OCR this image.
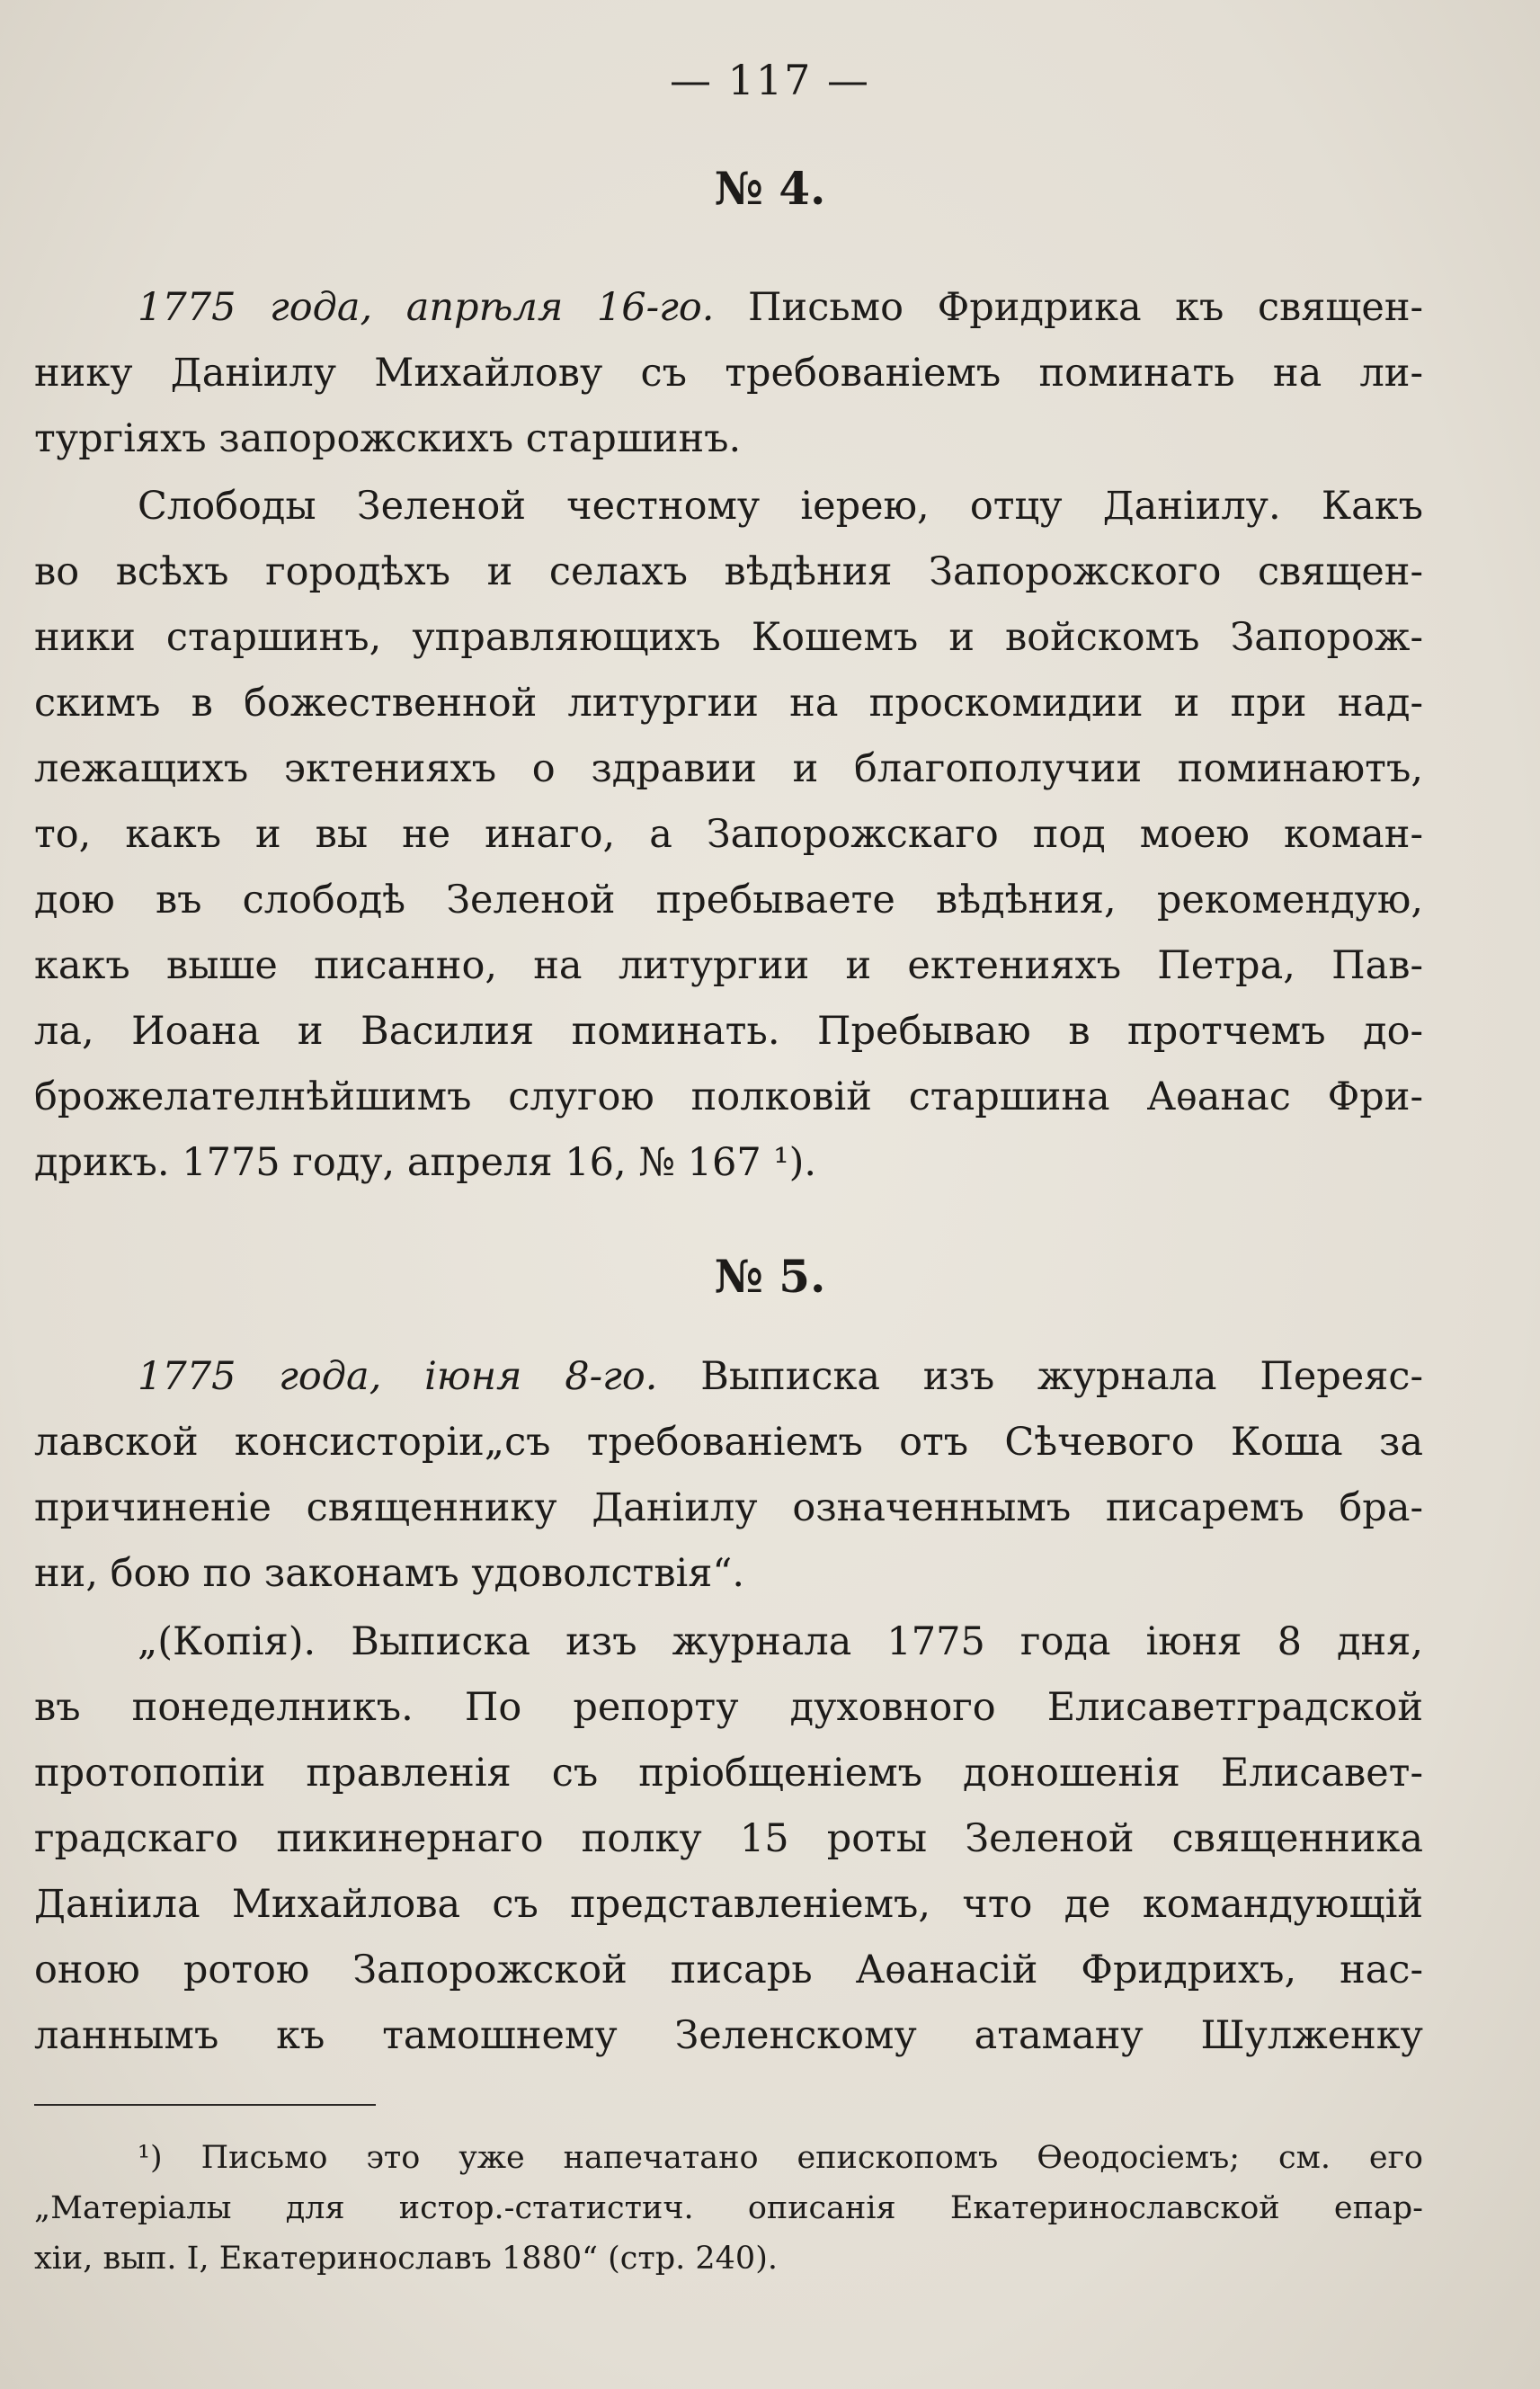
— 117 —
№ 4.

1775 года, апрѣля 16-го. Письмо Фридрика къ священ-
нику Данiилу Михайлову съ требованiемъ поминать на ли-
тургiяхъ запорожскихъ старшинъ.

Слободы Зеленой честному iерею, отцу Данiилу. Какъ
во всѣхъ городѣхъ и селахъ вѣдѣния Запорожского священ-
ники старшинъ, управляющихъ Кошемъ и войскомъ Запорож-
скимъ в божественной литургии на проскомидии и при над-
лежащихъ эктенияхъ о здравии и благополучии поминаютъ,
то, какъ и вы не инаго, а Запорожскаго под моею коман-
дою въ слободѣ Зеленой пребываете вѣдѣния, рекомендую,
какъ выше писанно, на литургии и ектенияхъ Петра, Пав-
ла, Иоана и Василия поминать. Пребываю в протчемъ до-
брожелателнѣйшимъ слугою полковiй старшина Аѳанас Фри-
дрикъ. 1775 году, апреля 16, № 167 ¹).

№ 5.

1775 года, iюня 8-го. Выписка изъ журнала Переяс-
лавской консисторiи„съ требованiемъ отъ Сѣчевого Коша за
причиненiе священнику Данiилу означеннымъ писаремъ бра-
ни, бою по законамъ удоволствiя“.

„(Копiя). Выписка изъ журнала 1775 года iюня 8 дня,
въ понеделникъ. По репорту духовного Елисаветградской
протопопiи правленiя съ прiобщенiемъ доношенiя Елисавет-
градскаго пикинернаго полку 15 роты Зеленой священника
Данiила Михайлова съ представленiемъ, что де командующiй
оною ротою Запорожской писарь Аѳанасiй Фридрихъ, нас-
ланнымъ къ тамошнему Зеленскому атаману Шулженку

¹) Письмо это уже напечатано епископомъ Ѳеодосiемъ; см. его
„Матерiалы для истор.-статистич. описанiя Екатеринославской епар-
хiи, вып. I, Екатеринославъ 1880“ (стр. 240).
